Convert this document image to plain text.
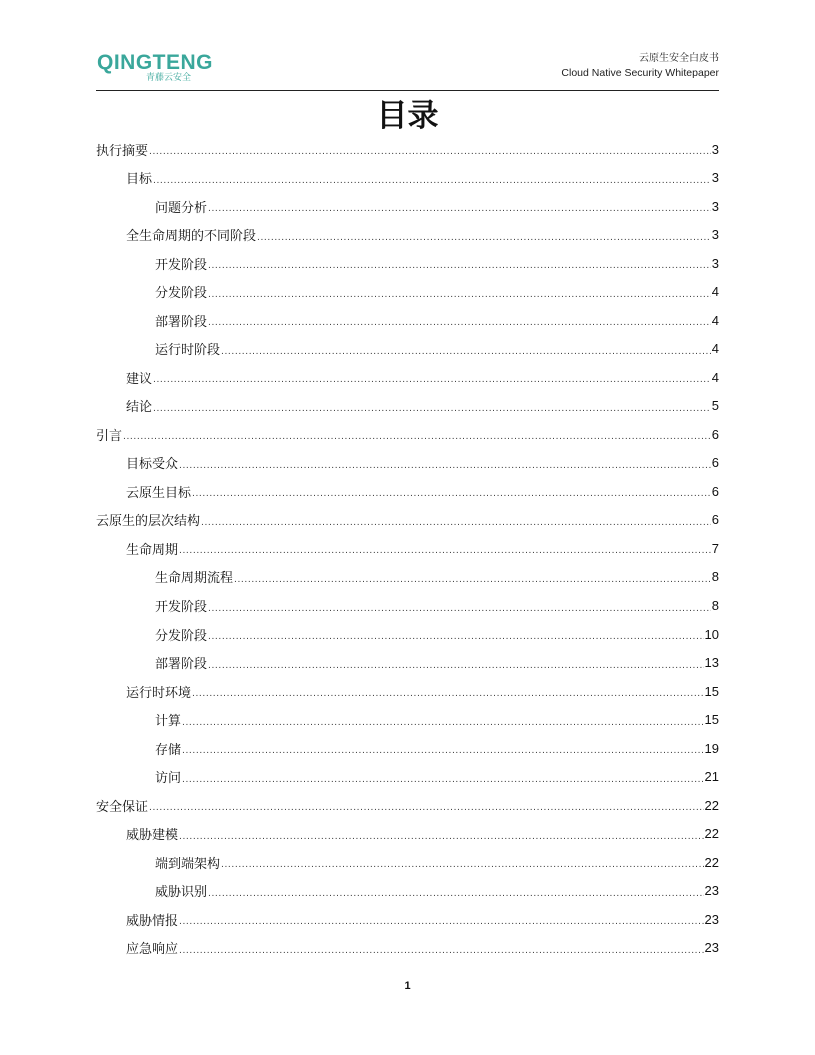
QINGTENG
青藤云安全
云原生安全白皮书
Cloud Native Security Whitepaper
目录
执行摘要 .....	3
目标 .....	3
问题分析 .....	3
全生命周期的不同阶段 .....	3
开发阶段 .....	3
分发阶段 .....	4
部署阶段 .....	4
运行时阶段 .....	4
建议 .....	4
结论 .....	5
引言 .....	6
目标受众 .....	6
云原生目标 .....	6
云原生的层次结构 .....	6
生命周期 .....	7
生命周期流程 .....	8
开发阶段 .....	8
分发阶段 .....	10
部署阶段 .....	13
运行时环境 .....	15
计算 .....	15
存储 .....	19
访问 .....	21
安全保证 .....	22
威胁建模 .....	22
端到端架构 .....	22
威胁识别 .....	23
威胁情报 .....	23
应急响应 .....	23
1
